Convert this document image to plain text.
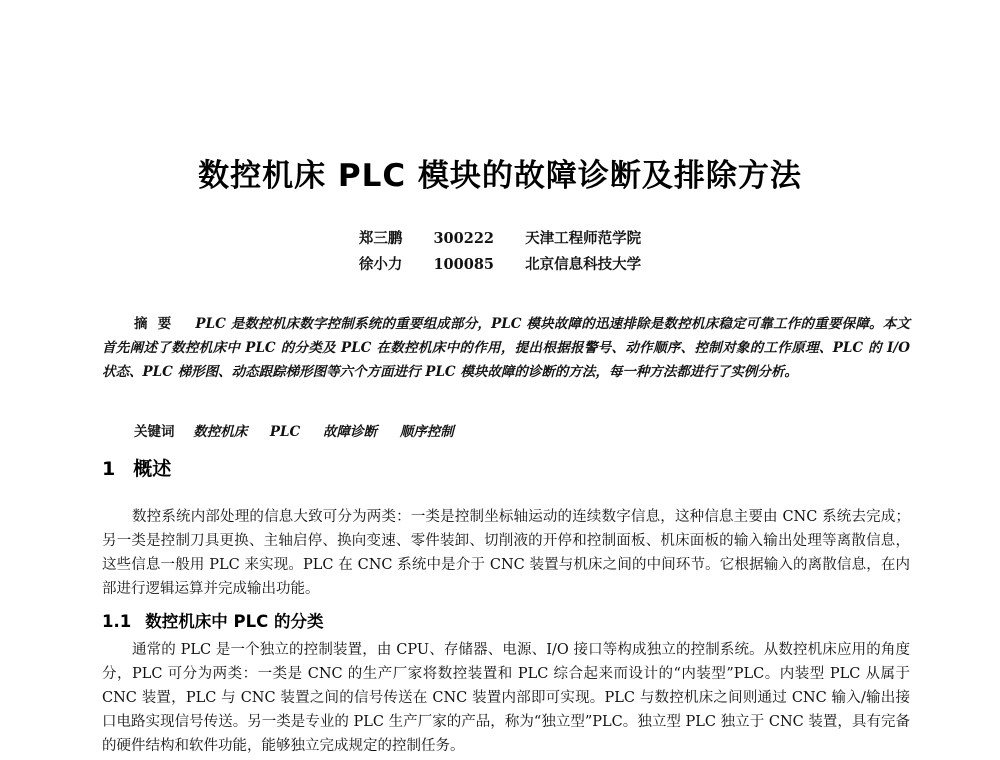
数控机床 PLC 模块的故障诊断及排除方法
郑三鹏 300222 天津工程师范学院
徐小力 100085 北京信息科技大学
摘要 PLC 是数控机床数字控制系统的重要组成部分，PLC 模块故障的迅速排除是数控机床稳定可靠工作的重要保障。本文首先阐述了数控机床中 PLC 的分类及 PLC 在数控机床中的作用，提出根据报警号、动作顺序、控制对象的工作原理、PLC 的 I/O 状态、PLC 梯形图、动态跟踪梯形图等六个方面进行 PLC 模块故障的诊断的方法，每一种方法都进行了实例分析。
关键词 数控机床 PLC 故障诊断 顺序控制
1 概述
数控系统内部处理的信息大致可分为两类：一类是控制坐标轴运动的连续数字信息，这种信息主要由 CNC 系统去完成；另一类是控制刀具更换、主轴启停、换向变速、零件装卸、切削液的开停和控制面板、机床面板的输入输出处理等离散信息，这些信息一般用 PLC 来实现。PLC 在 CNC 系统中是介于 CNC 装置与机床之间的中间环节。它根据输入的离散信息，在内部进行逻辑运算并完成输出功能。
1.1 数控机床中 PLC 的分类
通常的 PLC 是一个独立的控制装置，由 CPU、存储器、电源、I/O 接口等构成独立的控制系统。从数控机床应用的角度分，PLC 可分为两类：一类是 CNC 的生产厂家将数控装置和 PLC 综合起来而设计的“内装型”PLC。内装型 PLC 从属于 CNC 装置，PLC 与 CNC 装置之间的信号传送在 CNC 装置内部即可实现。PLC 与数控机床之间则通过 CNC 输入/输出接口电路实现信号传送。另一类是专业的 PLC 生产厂家的产品，称为“独立型”PLC。独立型 PLC 独立于 CNC 装置，具有完备的硬件结构和软件功能，能够独立完成规定的控制任务。
